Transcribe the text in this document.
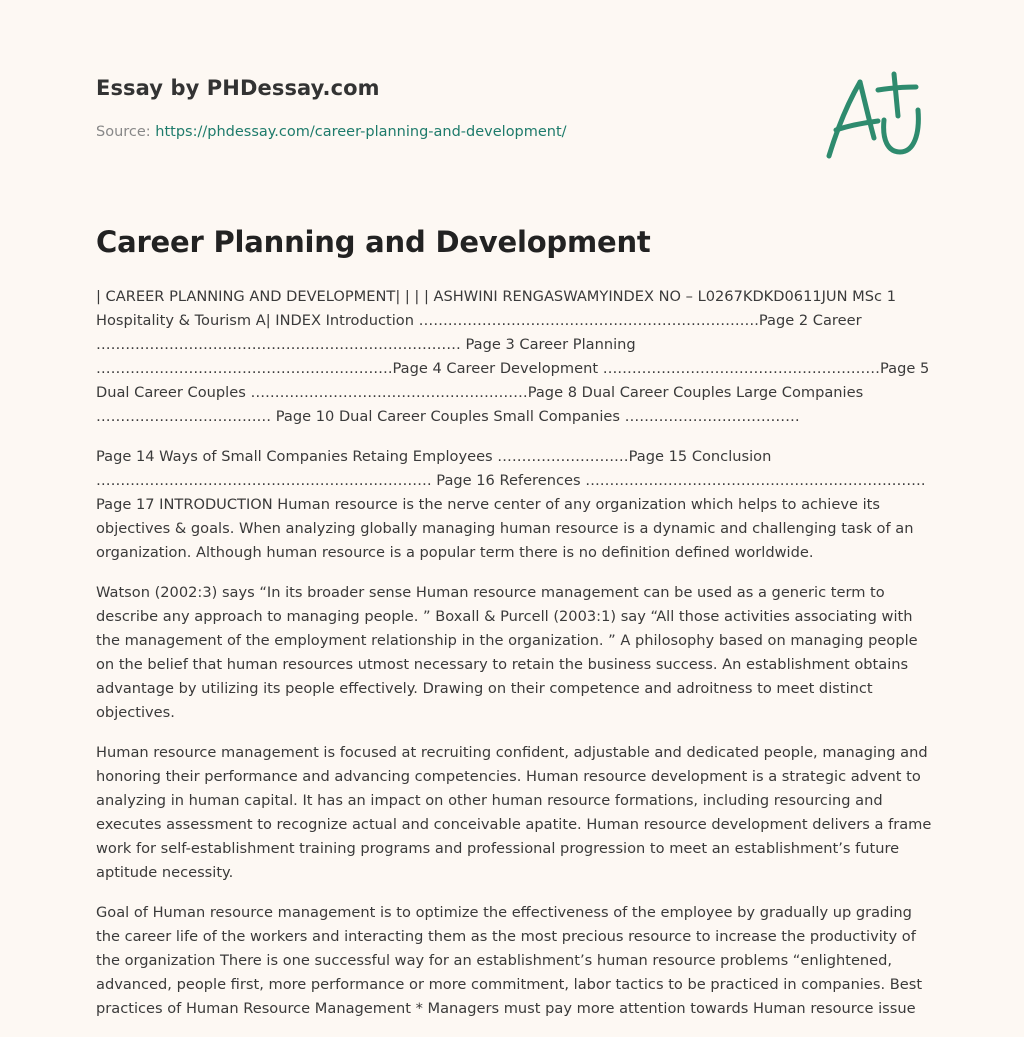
Essay by PHDessay.com
Source: https://phdessay.com/career-planning-and-development/
Career Planning and Development

| CAREER PLANNING AND DEVELOPMENT| | | | ASHWINI RENGASWAMYINDEX NO – L0267KDKD0611JUN MSc 1 Hospitality & Tourism A| INDEX Introduction …………………………………………………………….Page 2 Career ………………………………………………………………… Page 3 Career Planning …………………………………………………….Page 4 Career Development …………………………………………………Page 5 Dual Career Couples …………………………………………………Page 8 Dual Career Couples Large Companies ……………………………… Page 10 Dual Career Couples Small Companies ………………………………

Page 14 Ways of Small Companies Retaing Employees ………………………Page 15 Conclusion …………………………………………………………… Page 16 References ……………………………………………………………. Page 17 INTRODUCTION Human resource is the nerve center of any organization which helps to achieve its objectives & goals. When analyzing globally managing human resource is a dynamic and challenging task of an organization. Although human resource is a popular term there is no definition defined worldwide.

Watson (2002:3) says “In its broader sense Human resource management can be used as a generic term to describe any approach to managing people. ” Boxall & Purcell (2003:1) say “All those activities associating with the management of the employment relationship in the organization. ” A philosophy based on managing people on the belief that human resources utmost necessary to retain the business success. An establishment obtains advantage by utilizing its people effectively. Drawing on their competence and adroitness to meet distinct objectives.

Human resource management is focused at recruiting confident, adjustable and dedicated people, managing and honoring their performance and advancing competencies. Human resource development is a strategic advent to analyzing in human capital. It has an impact on other human resource formations, including resourcing and executes assessment to recognize actual and conceivable apatite. Human resource development delivers a frame work for self-establishment training programs and professional progression to meet an establishment’s future aptitude necessity.

Goal of Human resource management is to optimize the effectiveness of the employee by gradually up grading the career life of the workers and interacting them as the most precious resource to increase the productivity of the organization There is one successful way for an establishment’s human resource problems “enlightened, advanced, people first, more performance or more commitment, labor tactics to be practiced in companies. Best practices of Human Resource Management * Managers must pay more attention towards Human resource issue
